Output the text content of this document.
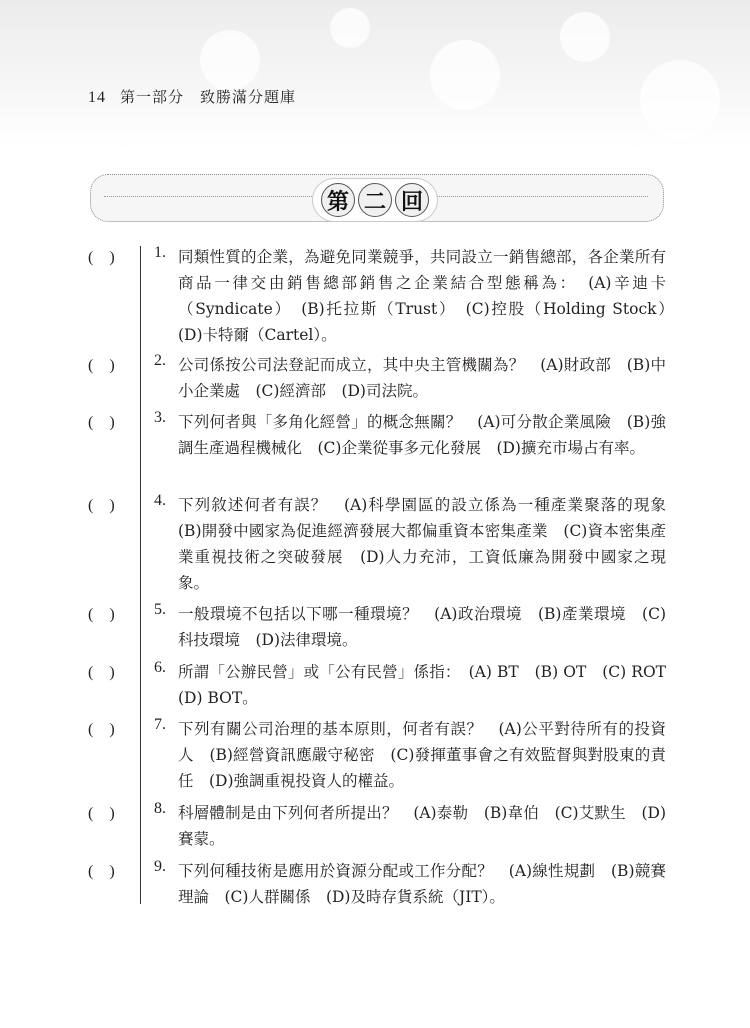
14 第一部分　致勝滿分題庫
第 二 回
(　) 1. 同類性質的企業，為避免同業競爭，共同設立一銷售總部，各企業所有商品一律交由銷售總部銷售之企業結合型態稱為：　(A)辛迪卡（Syndicate）　(B)托拉斯（Trust）　(C)控股（Holding Stock）　(D)卡特爾（Cartel）。
(　) 2. 公司係按公司法登記而成立，其中央主管機關為？　(A)財政部　(B)中小企業處　(C)經濟部　(D)司法院。
(　) 3. 下列何者與「多角化經營」的概念無關？　(A)可分散企業風險　(B)強調生產過程機械化　(C)企業從事多元化發展　(D)擴充市場占有率。
(　) 4. 下列敘述何者有誤？　(A)科學園區的設立係為一種產業聚落的現象　(B)開發中國家為促進經濟發展大都偏重資本密集產業　(C)資本密集產業重視技術之突破發展　(D)人力充沛，工資低廉為開發中國家之現象。
(　) 5. 一般環境不包括以下哪一種環境？　(A)政治環境　(B)產業環境　(C)科技環境　(D)法律環境。
(　) 6. 所謂「公辦民營」或「公有民營」係指：　(A) BT　(B) OT　(C) ROT　(D) BOT。
(　) 7. 下列有關公司治理的基本原則，何者有誤？　(A)公平對待所有的投資人　(B)經營資訊應嚴守秘密　(C)發揮董事會之有效監督與對股東的責任　(D)強調重視投資人的權益。
(　) 8. 科層體制是由下列何者所提出？　(A)泰勒　(B)韋伯　(C)艾默生　(D)賽蒙。
(　) 9. 下列何種技術是應用於資源分配或工作分配？　(A)線性規劃　(B)競賽理論　(C)人群關係　(D)及時存貨系統（JIT）。
